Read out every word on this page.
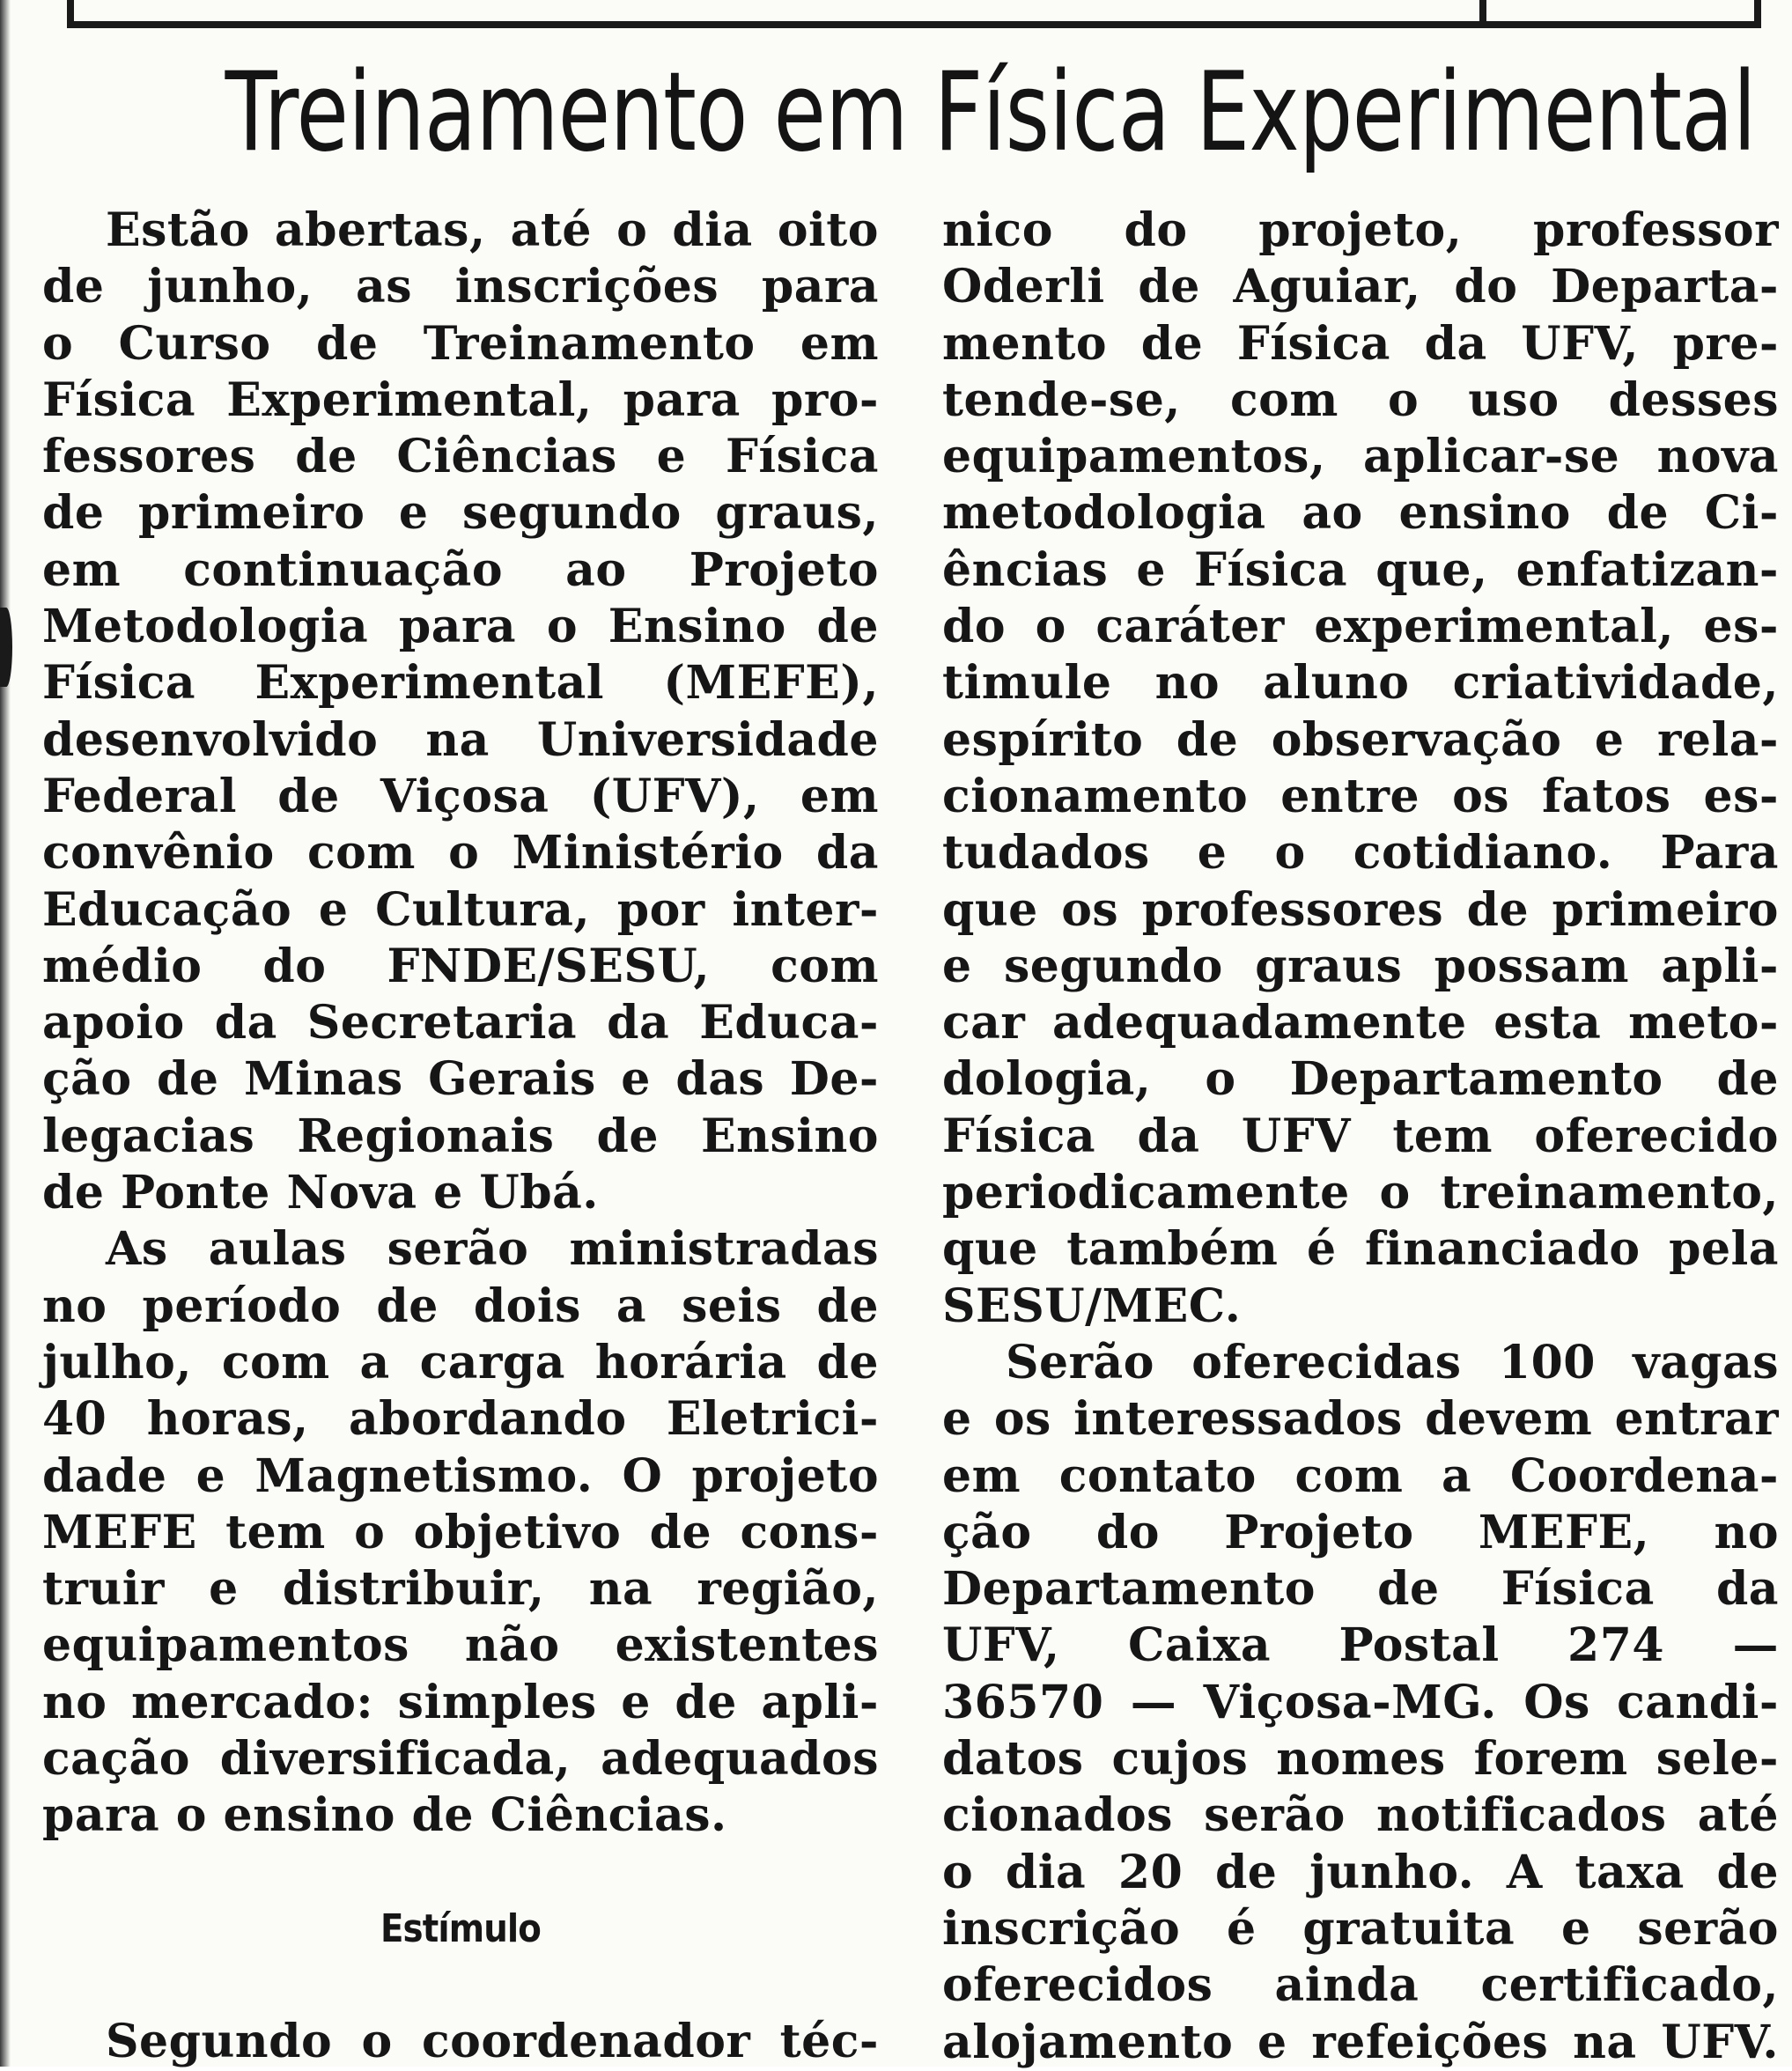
Treinamento em Física Experimental
Estão abertas, até o dia oito
de junho, as inscrições para
o Curso de Treinamento em
Física Experimental, para pro-
fessores de Ciências e Física
de primeiro e segundo graus,
em continuação ao Projeto
Metodologia para o Ensino de
Física Experimental (MEFE),
desenvolvido na Universidade
Federal de Viçosa (UFV), em
convênio com o Ministério da
Educação e Cultura, por inter-
médio do FNDE/SESU, com
apoio da Secretaria da Educa-
ção de Minas Gerais e das De-
legacias Regionais de Ensino
de Ponte Nova e Ubá.
As aulas serão ministradas
no período de dois a seis de
julho, com a carga horária de
40 horas, abordando Eletrici-
dade e Magnetismo. O projeto
MEFE tem o objetivo de cons-
truir e distribuir, na região,
equipamentos não existentes
no mercado: simples e de apli-
cação diversificada, adequados
para o ensino de Ciências.
Estímulo
Segundo o coordenador téc-
nico do projeto, professor
Oderli de Aguiar, do Departa-
mento de Física da UFV, pre-
tende-se, com o uso desses
equipamentos, aplicar-se nova
metodologia ao ensino de Ci-
ências e Física que, enfatizan-
do o caráter experimental, es-
timule no aluno criatividade,
espírito de observação e rela-
cionamento entre os fatos es-
tudados e o cotidiano. Para
que os professores de primeiro
e segundo graus possam apli-
car adequadamente esta meto-
dologia, o Departamento de
Física da UFV tem oferecido
periodicamente o treinamento,
que também é financiado pela
SESU/MEC.
Serão oferecidas 100 vagas
e os interessados devem entrar
em contato com a Coordena-
ção do Projeto MEFE, no
Departamento de Física da
UFV, Caixa Postal 274 —
36570 — Viçosa-MG. Os candi-
datos cujos nomes forem sele-
cionados serão notificados até
o dia 20 de junho. A taxa de
inscrição é gratuita e serão
oferecidos ainda certificado,
alojamento e refeições na UFV.
